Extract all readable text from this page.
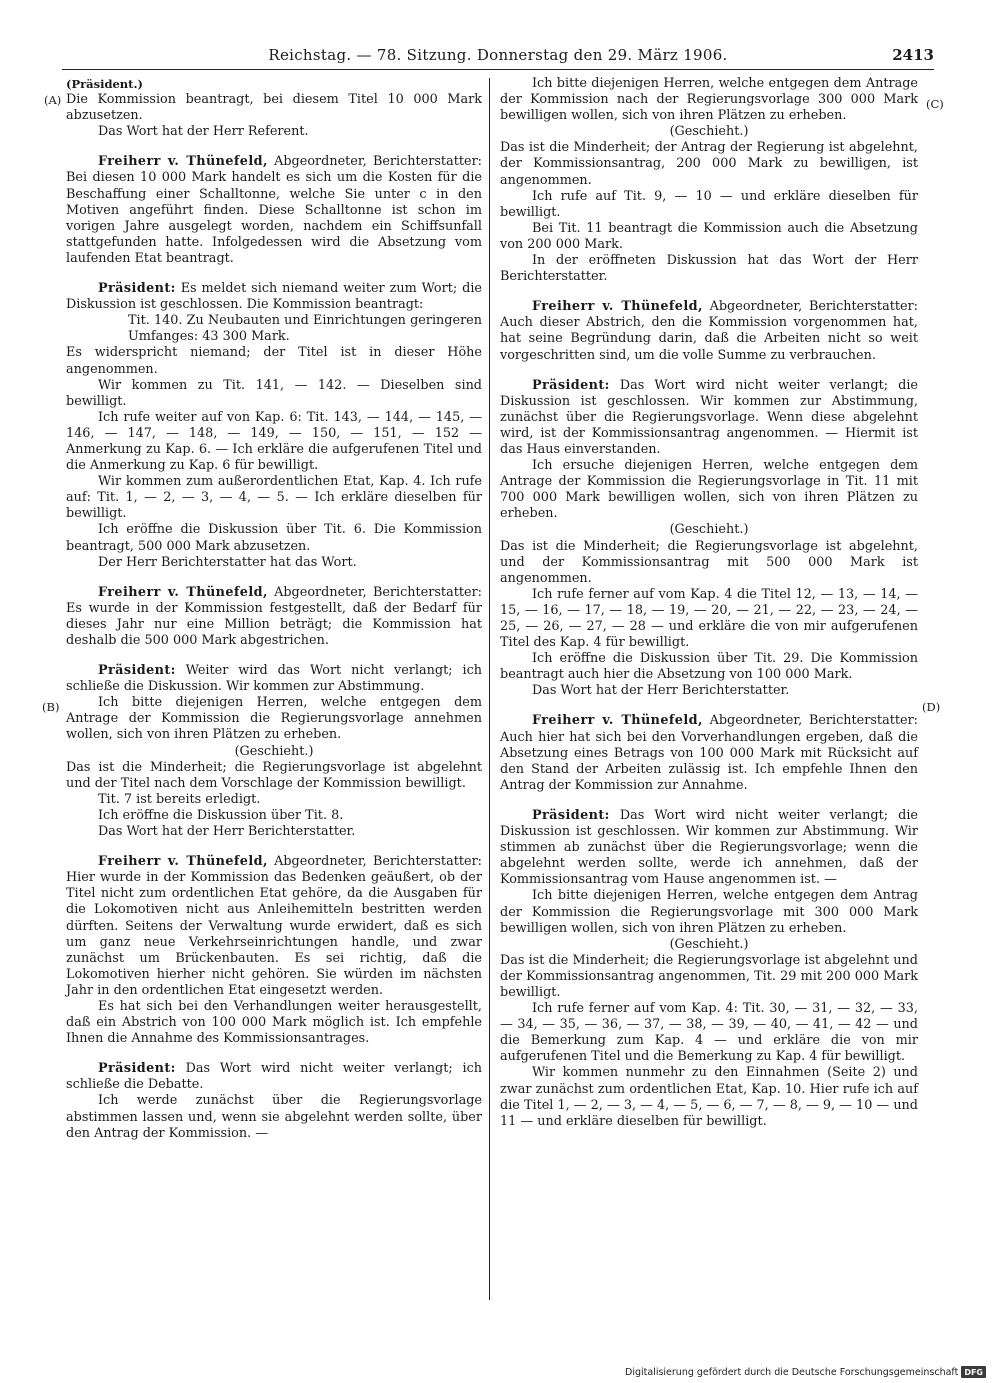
Reichstag. — 78. Sitzung. Donnerstag den 29. März 1906.	2413
(A)
(B)
(C)
(D)

(Präsident.)

Die Kommission beantragt, bei diesem Titel 10 000 Mark abzusetzen.

Das Wort hat der Herr Referent.

Freiherr v. Thünefeld, Abgeordneter, Berichterstatter: Bei diesen 10 000 Mark handelt es sich um die Kosten für die Beschaffung einer Schalltonne, welche Sie unter c in den Motiven angeführt finden. Diese Schalltonne ist schon im vorigen Jahre ausgelegt worden, nachdem ein Schiffsunfall stattgefunden hatte. Infolgedessen wird die Absetzung vom laufenden Etat beantragt.

Präsident: Es meldet sich niemand weiter zum Wort; die Diskussion ist geschlossen. Die Kommission beantragt:

Tit. 140. Zu Neubauten und Einrichtungen geringeren Umfanges: 43 300 Mark.

Es widerspricht niemand; der Titel ist in dieser Höhe angenommen.

Wir kommen zu Tit. 141, — 142. — Dieselben sind bewilligt.

Ich rufe weiter auf von Kap. 6: Tit. 143, — 144, — 145, — 146, — 147, — 148, — 149, — 150, — 151, — 152 — Anmerkung zu Kap. 6. — Ich erkläre die aufgerufenen Titel und die Anmerkung zu Kap. 6 für bewilligt.

Wir kommen zum außerordentlichen Etat, Kap. 4. Ich rufe auf: Tit. 1, — 2, — 3, — 4, — 5. — Ich erkläre dieselben für bewilligt.

Ich eröffne die Diskussion über Tit. 6. Die Kommission beantragt, 500 000 Mark abzusetzen.

Der Herr Berichterstatter hat das Wort.

Freiherr v. Thünefeld, Abgeordneter, Berichterstatter: Es wurde in der Kommission festgestellt, daß der Bedarf für dieses Jahr nur eine Million beträgt; die Kommission hat deshalb die 500 000 Mark abgestrichen.

Präsident: Weiter wird das Wort nicht verlangt; ich schließe die Diskussion. Wir kommen zur Abstimmung.

Ich bitte diejenigen Herren, welche entgegen dem Antrage der Kommission die Regierungsvorlage annehmen wollen, sich von ihren Plätzen zu erheben.

(Geschieht.)

Das ist die Minderheit; die Regierungsvorlage ist abgelehnt und der Titel nach dem Vorschlage der Kommission bewilligt.

Tit. 7 ist bereits erledigt.

Ich eröffne die Diskussion über Tit. 8.

Das Wort hat der Herr Berichterstatter.

Freiherr v. Thünefeld, Abgeordneter, Berichterstatter: Hier wurde in der Kommission das Bedenken geäußert, ob der Titel nicht zum ordentlichen Etat gehöre, da die Ausgaben für die Lokomotiven nicht aus Anleihemitteln bestritten werden dürften. Seitens der Verwaltung wurde erwidert, daß es sich um ganz neue Verkehrseinrichtungen handle, und zwar zunächst um Brückenbauten. Es sei richtig, daß die Lokomotiven hierher nicht gehören. Sie würden im nächsten Jahr in den ordentlichen Etat eingesetzt werden.

Es hat sich bei den Verhandlungen weiter herausgestellt, daß ein Abstrich von 100 000 Mark möglich ist. Ich empfehle Ihnen die Annahme des Kommissionsantrages.

Präsident: Das Wort wird nicht weiter verlangt; ich schließe die Debatte.

Ich werde zunächst über die Regierungsvorlage abstimmen lassen und, wenn sie abgelehnt werden sollte, über den Antrag der Kommission. —

Ich bitte diejenigen Herren, welche entgegen dem Antrage der Kommission nach der Regierungsvorlage 300 000 Mark bewilligen wollen, sich von ihren Plätzen zu erheben.

(Geschieht.)

Das ist die Minderheit; der Antrag der Regierung ist abgelehnt, der Kommissionsantrag, 200 000 Mark zu bewilligen, ist angenommen.

Ich rufe auf Tit. 9, — 10 — und erkläre dieselben für bewilligt.

Bei Tit. 11 beantragt die Kommission auch die Absetzung von 200 000 Mark.

In der eröffneten Diskussion hat das Wort der Herr Berichterstatter.

Freiherr v. Thünefeld, Abgeordneter, Berichterstatter: Auch dieser Abstrich, den die Kommission vorgenommen hat, hat seine Begründung darin, daß die Arbeiten nicht so weit vorgeschritten sind, um die volle Summe zu verbrauchen.

Präsident: Das Wort wird nicht weiter verlangt; die Diskussion ist geschlossen. Wir kommen zur Abstimmung, zunächst über die Regierungsvorlage. Wenn diese abgelehnt wird, ist der Kommissionsantrag angenommen. — Hiermit ist das Haus einverstanden.

Ich ersuche diejenigen Herren, welche entgegen dem Antrage der Kommission die Regierungsvorlage in Tit. 11 mit 700 000 Mark bewilligen wollen, sich von ihren Plätzen zu erheben.

(Geschieht.)

Das ist die Minderheit; die Regierungsvorlage ist abgelehnt, und der Kommissionsantrag mit 500 000 Mark ist angenommen.

Ich rufe ferner auf vom Kap. 4 die Titel 12, — 13, — 14, — 15, — 16, — 17, — 18, — 19, — 20, — 21, — 22, — 23, — 24, — 25, — 26, — 27, — 28 — und erkläre die von mir aufgerufenen Titel des Kap. 4 für bewilligt.

Ich eröffne die Diskussion über Tit. 29. Die Kommission beantragt auch hier die Absetzung von 100 000 Mark.

Das Wort hat der Herr Berichterstatter.

Freiherr v. Thünefeld, Abgeordneter, Berichterstatter: Auch hier hat sich bei den Vorverhandlungen ergeben, daß die Absetzung eines Betrags von 100 000 Mark mit Rücksicht auf den Stand der Arbeiten zulässig ist. Ich empfehle Ihnen den Antrag der Kommission zur Annahme.

Präsident: Das Wort wird nicht weiter verlangt; die Diskussion ist geschlossen. Wir kommen zur Abstimmung. Wir stimmen ab zunächst über die Regierungsvorlage; wenn die abgelehnt werden sollte, werde ich annehmen, daß der Kommissionsantrag vom Hause angenommen ist. —

Ich bitte diejenigen Herren, welche entgegen dem Antrag der Kommission die Regierungsvorlage mit 300 000 Mark bewilligen wollen, sich von ihren Plätzen zu erheben.

(Geschieht.)

Das ist die Minderheit; die Regierungsvorlage ist abgelehnt und der Kommissionsantrag angenommen, Tit. 29 mit 200 000 Mark bewilligt.

Ich rufe ferner auf vom Kap. 4: Tit. 30, — 31, — 32, — 33, — 34, — 35, — 36, — 37, — 38, — 39, — 40, — 41, — 42 — und die Bemerkung zum Kap. 4 — und erkläre die von mir aufgerufenen Titel und die Bemerkung zu Kap. 4 für bewilligt.

Wir kommen nunmehr zu den Einnahmen (Seite 2) und zwar zunächst zum ordentlichen Etat, Kap. 10. Hier rufe ich auf die Titel 1, — 2, — 3, — 4, — 5, — 6, — 7, — 8, — 9, — 10 — und 11 — und erkläre dieselben für bewilligt.

Digitalisierung gefördert durch die Deutsche Forschungsgemeinschaft DFG
